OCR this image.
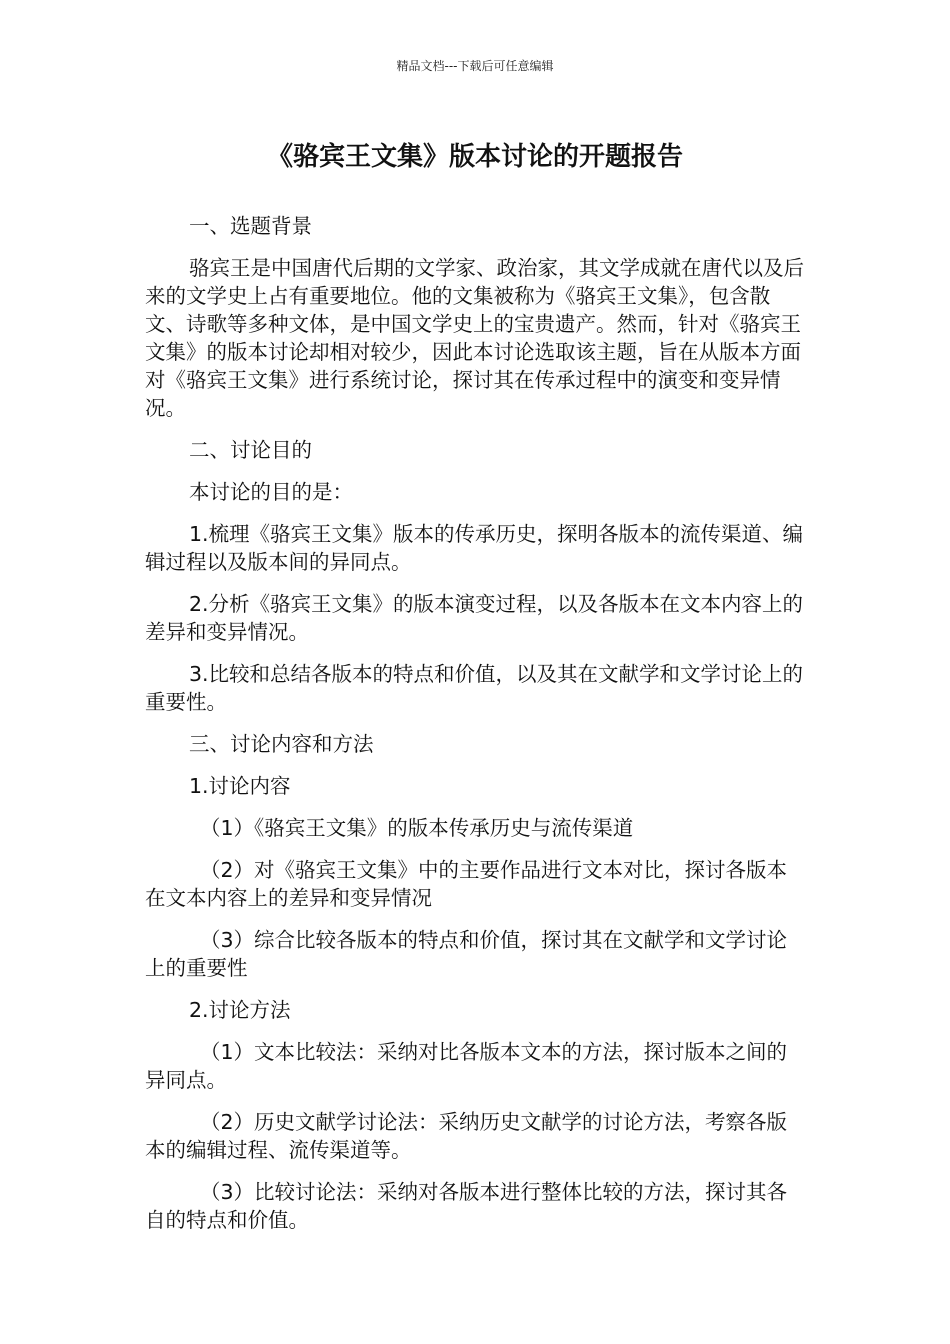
精品文档---下载后可任意编辑
《骆宾王文集》版本讨论的开题报告

一、选题背景

骆宾王是中国唐代后期的文学家、政治家，其文学成就在唐代以及后来的文学史上占有重要地位。他的文集被称为《骆宾王文集》，包含散文、诗歌等多种文体，是中国文学史上的宝贵遗产。然而，针对《骆宾王文集》的版本讨论却相对较少，因此本讨论选取该主题，旨在从版本方面对《骆宾王文集》进行系统讨论，探讨其在传承过程中的演变和变异情况。

二、讨论目的

本讨论的目的是：

1.梳理《骆宾王文集》版本的传承历史，探明各版本的流传渠道、编辑过程以及版本间的异同点。

2.分析《骆宾王文集》的版本演变过程，以及各版本在文本内容上的差异和变异情况。

3.比较和总结各版本的特点和价值，以及其在文献学和文学讨论上的重要性。

三、讨论内容和方法

1.讨论内容

（1）《骆宾王文集》的版本传承历史与流传渠道

（2）对《骆宾王文集》中的主要作品进行文本对比，探讨各版本在文本内容上的差异和变异情况

（3）综合比较各版本的特点和价值，探讨其在文献学和文学讨论上的重要性

2.讨论方法

（1）文本比较法：采纳对比各版本文本的方法，探讨版本之间的异同点。

（2）历史文献学讨论法：采纳历史文献学的讨论方法，考察各版本的编辑过程、流传渠道等。

（3）比较讨论法：采纳对各版本进行整体比较的方法，探讨其各自的特点和价值。
